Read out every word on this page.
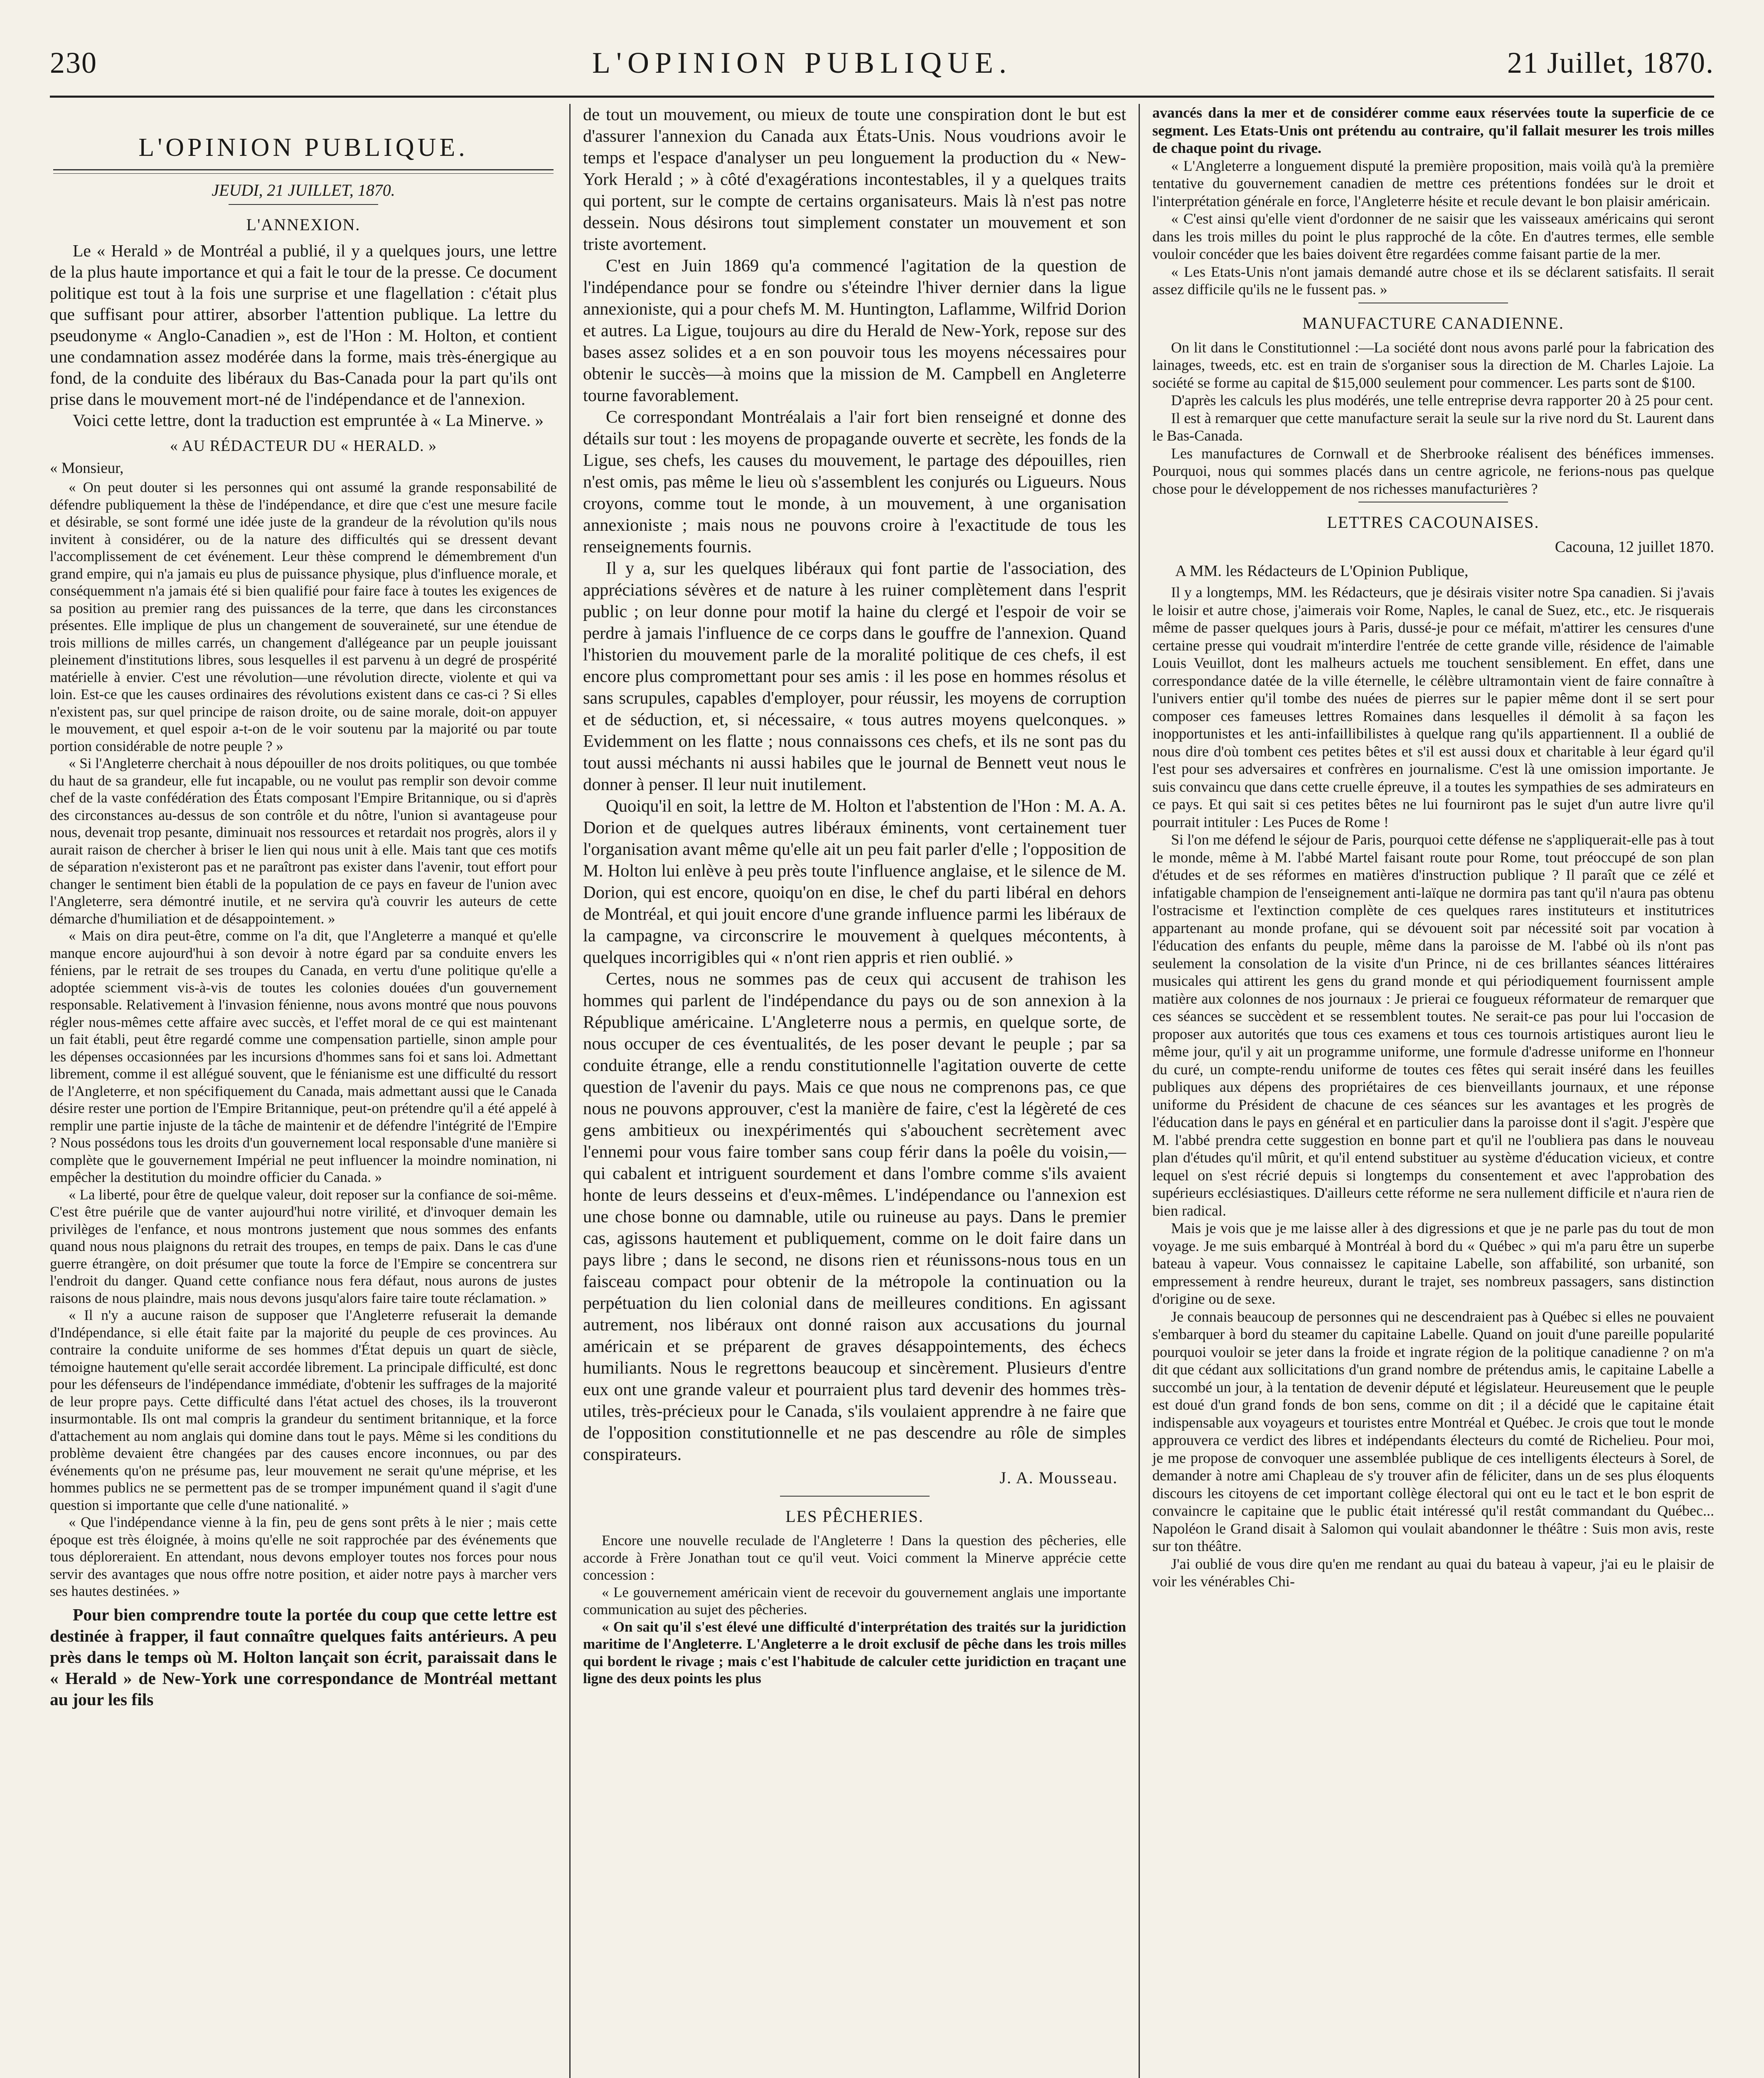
230	L'OPINION PUBLIQUE.	21 Juillet, 1870.
L'OPINION PUBLIQUE.
JEUDI, 21 JUILLET, 1870.
L'ANNEXION.

Le « Herald » de Montréal a publié, il y a quelques jours, une lettre de la plus haute importance et qui a fait le tour de la presse. Ce document politique est tout à la fois une surprise et une flagellation : c'était plus que suffisant pour attirer, absorber l'attention publique. La lettre du pseudonyme « Anglo-Canadien », est de l'Hon : M. Holton, et contient une condamnation assez modérée dans la forme, mais très-énergique au fond, de la conduite des libéraux du Bas-Canada pour la part qu'ils ont prise dans le mouvement mort-né de l'indépendance et de l'annexion.

Voici cette lettre, dont la traduction est empruntée à « La Minerve. »

« AU RÉDACTEUR DU « HERALD. »
« Monsieur,

« On peut douter si les personnes qui ont assumé la grande responsabilité de défendre publiquement la thèse de l'indépendance, et dire que c'est une mesure facile et désirable, se sont formé une idée juste de la grandeur de la révolution qu'ils nous invitent à considérer, ou de la nature des difficultés qui se dressent devant l'accomplissement de cet événement. Leur thèse comprend le démembrement d'un grand empire, qui n'a jamais eu plus de puissance physique, plus d'influence morale, et conséquemment n'a jamais été si bien qualifié pour faire face à toutes les exigences de sa position au premier rang des puissances de la terre, que dans les circonstances présentes. Elle implique de plus un changement de souveraineté, sur une étendue de trois millions de milles carrés, un changement d'allégeance par un peuple jouissant pleinement d'institutions libres, sous lesquelles il est parvenu à un degré de prospérité matérielle à envier. C'est une révolution—une révolution directe, violente et qui va loin. Est-ce que les causes ordinaires des révolutions existent dans ce cas-ci ? Si elles n'existent pas, sur quel principe de raison droite, ou de saine morale, doit-on appuyer le mouvement, et quel espoir a-t-on de le voir soutenu par la majorité ou par toute portion considérable de notre peuple ? »

« Si l'Angleterre cherchait à nous dépouiller de nos droits politiques, ou que tombée du haut de sa grandeur, elle fut incapable, ou ne voulut pas remplir son devoir comme chef de la vaste confédération des États composant l'Empire Britannique, ou si d'après des circonstances au-dessus de son contrôle et du nôtre, l'union si avantageuse pour nous, devenait trop pesante, diminuait nos ressources et retardait nos progrès, alors il y aurait raison de chercher à briser le lien qui nous unit à elle. Mais tant que ces motifs de séparation n'existeront pas et ne paraîtront pas exister dans l'avenir, tout effort pour changer le sentiment bien établi de la population de ce pays en faveur de l'union avec l'Angleterre, sera démontré inutile, et ne servira qu'à couvrir les auteurs de cette démarche d'humiliation et de désappointement. »

« Mais on dira peut-être, comme on l'a dit, que l'Angleterre a manqué et qu'elle manque encore aujourd'hui à son devoir à notre égard par sa conduite envers les féniens, par le retrait de ses troupes du Canada, en vertu d'une politique qu'elle a adoptée sciemment vis-à-vis de toutes les colonies douées d'un gouvernement responsable. Relativement à l'invasion fénienne, nous avons montré que nous pouvons régler nous-mêmes cette affaire avec succès, et l'effet moral de ce qui est maintenant un fait établi, peut être regardé comme une compensation partielle, sinon ample pour les dépenses occasionnées par les incursions d'hommes sans foi et sans loi. Admettant librement, comme il est allégué souvent, que le fénianisme est une difficulté du ressort de l'Angleterre, et non spécifiquement du Canada, mais admettant aussi que le Canada désire rester une portion de l'Empire Britannique, peut-on prétendre qu'il a été appelé à remplir une partie injuste de la tâche de maintenir et de défendre l'intégrité de l'Empire ? Nous possédons tous les droits d'un gouvernement local responsable d'une manière si complète que le gouvernement Impérial ne peut influencer la moindre nomination, ni empêcher la destitution du moindre officier du Canada. »

« La liberté, pour être de quelque valeur, doit reposer sur la confiance de soi-même. C'est être puérile que de vanter aujourd'hui notre virilité, et d'invoquer demain les privilèges de l'enfance, et nous montrons justement que nous sommes des enfants quand nous nous plaignons du retrait des troupes, en temps de paix. Dans le cas d'une guerre étrangère, on doit présumer que toute la force de l'Empire se concentrera sur l'endroit du danger. Quand cette confiance nous fera défaut, nous aurons de justes raisons de nous plaindre, mais nous devons jusqu'alors faire taire toute réclamation. »

« Il n'y a aucune raison de supposer que l'Angleterre refuserait la demande d'Indépendance, si elle était faite par la majorité du peuple de ces provinces. Au contraire la conduite uniforme de ses hommes d'État depuis un quart de siècle, témoigne hautement qu'elle serait accordée librement. La principale difficulté, est donc pour les défenseurs de l'indépendance immédiate, d'obtenir les suffrages de la majorité de leur propre pays. Cette difficulté dans l'état actuel des choses, ils la trouveront insurmontable. Ils ont mal compris la grandeur du sentiment britannique, et la force d'attachement au nom anglais qui domine dans tout le pays. Même si les conditions du problème devaient être changées par des causes encore inconnues, ou par des événements qu'on ne présume pas, leur mouvement ne serait qu'une méprise, et les hommes publics ne se permettent pas de se tromper impunément quand il s'agit d'une question si importante que celle d'une nationalité. »

« Que l'indépendance vienne à la fin, peu de gens sont prêts à le nier ; mais cette époque est très éloignée, à moins qu'elle ne soit rapprochée par des événements que tous déploreraient. En attendant, nous devons employer toutes nos forces pour nous servir des avantages que nous offre notre position, et aider notre pays à marcher vers ses hautes destinées. »

Pour bien comprendre toute la portée du coup que cette lettre est destinée à frapper, il faut connaître quelques faits antérieurs. A peu près dans le temps où M. Holton lançait son écrit, paraissait dans le « Herald » de New-York une correspondance de Montréal mettant au jour les fils

de tout un mouvement, ou mieux de toute une conspiration dont le but est d'assurer l'annexion du Canada aux États-Unis. Nous voudrions avoir le temps et l'espace d'analyser un peu longuement la production du « New-York Herald ; » à côté d'exagérations incontestables, il y a quelques traits qui portent, sur le compte de certains organisateurs. Mais là n'est pas notre dessein. Nous désirons tout simplement constater un mouvement et son triste avortement.

C'est en Juin 1869 qu'a commencé l'agitation de la question de l'indépendance pour se fondre ou s'éteindre l'hiver dernier dans la ligue annexioniste, qui a pour chefs M. M. Huntington, Laflamme, Wilfrid Dorion et autres. La Ligue, toujours au dire du Herald de New-York, repose sur des bases assez solides et a en son pouvoir tous les moyens nécessaires pour obtenir le succès—à moins que la mission de M. Campbell en Angleterre tourne favorablement.

Ce correspondant Montréalais a l'air fort bien renseigné et donne des détails sur tout : les moyens de propagande ouverte et secrète, les fonds de la Ligue, ses chefs, les causes du mouvement, le partage des dépouilles, rien n'est omis, pas même le lieu où s'assemblent les conjurés ou Ligueurs. Nous croyons, comme tout le monde, à un mouvement, à une organisation annexioniste ; mais nous ne pouvons croire à l'exactitude de tous les renseignements fournis.

Il y a, sur les quelques libéraux qui font partie de l'association, des appréciations sévères et de nature à les ruiner complètement dans l'esprit public ; on leur donne pour motif la haine du clergé et l'espoir de voir se perdre à jamais l'influence de ce corps dans le gouffre de l'annexion. Quand l'historien du mouvement parle de la moralité politique de ces chefs, il est encore plus compromettant pour ses amis : il les pose en hommes résolus et sans scrupules, capables d'employer, pour réussir, les moyens de corruption et de séduction, et, si nécessaire, « tous autres moyens quelconques. » Evidemment on les flatte ; nous connaissons ces chefs, et ils ne sont pas du tout aussi méchants ni aussi habiles que le journal de Bennett veut nous le donner à penser. Il leur nuit inutilement.

Quoiqu'il en soit, la lettre de M. Holton et l'abstention de l'Hon : M. A. A. Dorion et de quelques autres libéraux éminents, vont certainement tuer l'organisation avant même qu'elle ait un peu fait parler d'elle ; l'opposition de M. Holton lui enlève à peu près toute l'influence anglaise, et le silence de M. Dorion, qui est encore, quoiqu'on en dise, le chef du parti libéral en dehors de Montréal, et qui jouit encore d'une grande influence parmi les libéraux de la campagne, va circonscrire le mouvement à quelques mécontents, à quelques incorrigibles qui « n'ont rien appris et rien oublié. »

Certes, nous ne sommes pas de ceux qui accusent de trahison les hommes qui parlent de l'indépendance du pays ou de son annexion à la République américaine. L'Angleterre nous a permis, en quelque sorte, de nous occuper de ces éventualités, de les poser devant le peuple ; par sa conduite étrange, elle a rendu constitutionnelle l'agitation ouverte de cette question de l'avenir du pays. Mais ce que nous ne comprenons pas, ce que nous ne pouvons approuver, c'est la manière de faire, c'est la légèreté de ces gens ambitieux ou inexpérimentés qui s'abouchent secrètement avec l'ennemi pour vous faire tomber sans coup férir dans la poêle du voisin,—qui cabalent et intriguent sourdement et dans l'ombre comme s'ils avaient honte de leurs desseins et d'eux-mêmes. L'indépendance ou l'annexion est une chose bonne ou damnable, utile ou ruineuse au pays. Dans le premier cas, agissons hautement et publiquement, comme on le doit faire dans un pays libre ; dans le second, ne disons rien et réunissons-nous tous en un faisceau compact pour obtenir de la métropole la continuation ou la perpétuation du lien colonial dans de meilleures conditions. En agissant autrement, nos libéraux ont donné raison aux accusations du journal américain et se préparent de graves désappointements, des échecs humiliants. Nous le regrettons beaucoup et sincèrement. Plusieurs d'entre eux ont une grande valeur et pourraient plus tard devenir des hommes très-utiles, très-précieux pour le Canada, s'ils voulaient apprendre à ne faire que de l'opposition constitutionnelle et ne pas descendre au rôle de simples conspirateurs.

J. A. Mousseau.
LES PÊCHERIES.

Encore une nouvelle reculade de l'Angleterre ! Dans la question des pêcheries, elle accorde à Frère Jonathan tout ce qu'il veut. Voici comment la Minerve apprécie cette concession :

« Le gouvernement américain vient de recevoir du gouvernement anglais une importante communication au sujet des pêcheries.

« On sait qu'il s'est élevé une difficulté d'interprétation des traités sur la juridiction maritime de l'Angleterre. L'Angleterre a le droit exclusif de pêche dans les trois milles qui bordent le rivage ; mais c'est l'habitude de calculer cette juridiction en traçant une ligne des deux points les plus

avancés dans la mer et de considérer comme eaux réservées toute la superficie de ce segment. Les Etats-Unis ont prétendu au contraire, qu'il fallait mesurer les trois milles de chaque point du rivage.

« L'Angleterre a longuement disputé la première proposition, mais voilà qu'à la première tentative du gouvernement canadien de mettre ces prétentions fondées sur le droit et l'interprétation générale en force, l'Angleterre hésite et recule devant le bon plaisir américain.

« C'est ainsi qu'elle vient d'ordonner de ne saisir que les vaisseaux américains qui seront dans les trois milles du point le plus rapproché de la côte. En d'autres termes, elle semble vouloir concéder que les baies doivent être regardées comme faisant partie de la mer.

« Les Etats-Unis n'ont jamais demandé autre chose et ils se déclarent satisfaits. Il serait assez difficile qu'ils ne le fussent pas. »

MANUFACTURE CANADIENNE.

On lit dans le Constitutionnel :—La société dont nous avons parlé pour la fabrication des lainages, tweeds, etc. est en train de s'organiser sous la direction de M. Charles Lajoie. La société se forme au capital de $15,000 seulement pour commencer. Les parts sont de $100.

D'après les calculs les plus modérés, une telle entreprise devra rapporter 20 à 25 pour cent.

Il est à remarquer que cette manufacture serait la seule sur la rive nord du St. Laurent dans le Bas-Canada.

Les manufactures de Cornwall et de Sherbrooke réalisent des bénéfices immenses. Pourquoi, nous qui sommes placés dans un centre agricole, ne ferions-nous pas quelque chose pour le développement de nos richesses manufacturières ?

LETTRES CACOUNAISES.
Cacouna, 12 juillet 1870.
A MM. les Rédacteurs de L'Opinion Publique,

Il y a longtemps, MM. les Rédacteurs, que je désirais visiter notre Spa canadien. Si j'avais le loisir et autre chose, j'aimerais voir Rome, Naples, le canal de Suez, etc., etc. Je risquerais même de passer quelques jours à Paris, dussé-je pour ce méfait, m'attirer les censures d'une certaine presse qui voudrait m'interdire l'entrée de cette grande ville, résidence de l'aimable Louis Veuillot, dont les malheurs actuels me touchent sensiblement. En effet, dans une correspondance datée de la ville éternelle, le célèbre ultramontain vient de faire connaître à l'univers entier qu'il tombe des nuées de pierres sur le papier même dont il se sert pour composer ces fameuses lettres Romaines dans lesquelles il démolit à sa façon les inopportunistes et les anti-infaillibilistes à quelque rang qu'ils appartiennent. Il a oublié de nous dire d'où tombent ces petites bêtes et s'il est aussi doux et charitable à leur égard qu'il l'est pour ses adversaires et confrères en journalisme. C'est là une omission importante. Je suis convaincu que dans cette cruelle épreuve, il a toutes les sympathies de ses admirateurs en ce pays. Et qui sait si ces petites bêtes ne lui fourniront pas le sujet d'un autre livre qu'il pourrait intituler : Les Puces de Rome !

Si l'on me défend le séjour de Paris, pourquoi cette défense ne s'appliquerait-elle pas à tout le monde, même à M. l'abbé Martel faisant route pour Rome, tout préoccupé de son plan d'études et de ses réformes en matières d'instruction publique ? Il paraît que ce zélé et infatigable champion de l'enseignement anti-laïque ne dormira pas tant qu'il n'aura pas obtenu l'ostracisme et l'extinction complète de ces quelques rares instituteurs et institutrices appartenant au monde profane, qui se dévouent soit par nécessité soit par vocation à l'éducation des enfants du peuple, même dans la paroisse de M. l'abbé où ils n'ont pas seulement la consolation de la visite d'un Prince, ni de ces brillantes séances littéraires musicales qui attirent les gens du grand monde et qui périodiquement fournissent ample matière aux colonnes de nos journaux : Je prierai ce fougueux réformateur de remarquer que ces séances se succèdent et se ressemblent toutes. Ne serait-ce pas pour lui l'occasion de proposer aux autorités que tous ces examens et tous ces tournois artistiques auront lieu le même jour, qu'il y ait un programme uniforme, une formule d'adresse uniforme en l'honneur du curé, un compte-rendu uniforme de toutes ces fêtes qui serait inséré dans les feuilles publiques aux dépens des propriétaires de ces bienveillants journaux, et une réponse uniforme du Président de chacune de ces séances sur les avantages et les progrès de l'éducation dans le pays en général et en particulier dans la paroisse dont il s'agit. J'espère que M. l'abbé prendra cette suggestion en bonne part et qu'il ne l'oubliera pas dans le nouveau plan d'études qu'il mûrit, et qu'il entend substituer au système d'éducation vicieux, et contre lequel on s'est récrié depuis si longtemps du consentement et avec l'approbation des supérieurs ecclésiastiques. D'ailleurs cette réforme ne sera nullement difficile et n'aura rien de bien radical.

Mais je vois que je me laisse aller à des digressions et que je ne parle pas du tout de mon voyage. Je me suis embarqué à Montréal à bord du « Québec » qui m'a paru être un superbe bateau à vapeur. Vous connaissez le capitaine Labelle, son affabilité, son urbanité, son empressement à rendre heureux, durant le trajet, ses nombreux passagers, sans distinction d'origine ou de sexe.

Je connais beaucoup de personnes qui ne descendraient pas à Québec si elles ne pouvaient s'embarquer à bord du steamer du capitaine Labelle. Quand on jouit d'une pareille popularité pourquoi vouloir se jeter dans la froide et ingrate région de la politique canadienne ? on m'a dit que cédant aux sollicitations d'un grand nombre de prétendus amis, le capitaine Labelle a succombé un jour, à la tentation de devenir député et législateur. Heureusement que le peuple est doué d'un grand fonds de bon sens, comme on dit ; il a décidé que le capitaine était indispensable aux voyageurs et touristes entre Montréal et Québec. Je crois que tout le monde approuvera ce verdict des libres et indépendants électeurs du comté de Richelieu. Pour moi, je me propose de convoquer une assemblée publique de ces intelligents électeurs à Sorel, de demander à notre ami Chapleau de s'y trouver afin de féliciter, dans un de ses plus éloquents discours les citoyens de cet important collège électoral qui ont eu le tact et le bon esprit de convaincre le capitaine que le public était intéressé qu'il restât commandant du Québec... Napoléon le Grand disait à Salomon qui voulait abandonner le théâtre : Suis mon avis, reste sur ton théâtre.

J'ai oublié de vous dire qu'en me rendant au quai du bateau à vapeur, j'ai eu le plaisir de voir les vénérables Chi-
